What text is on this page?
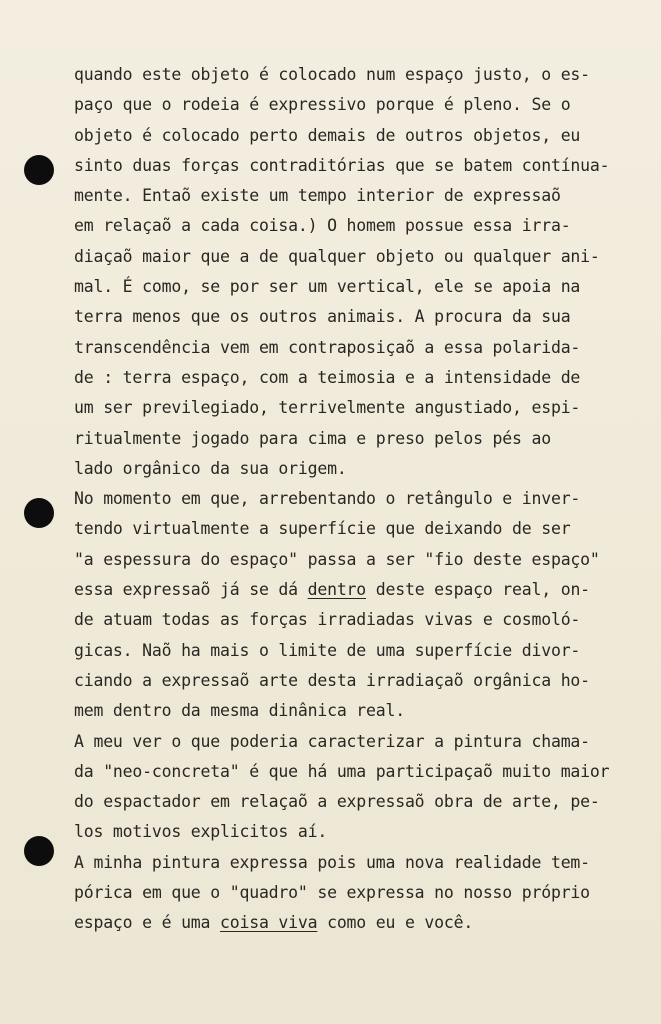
quando este objeto é colocado num espaço justo, o es-
paço que o rodeia é expressivo porque é pleno. Se o
objeto é colocado perto demais de outros objetos, eu
sinto duas forças contraditórias que se batem contínua-
mente. Entaõ existe um tempo interior de expressaõ
em relaçaõ a cada coisa.) O homem possue essa irra-
diaçaõ maior que a de qualquer objeto ou qualquer ani-
mal. É como, se por ser um vertical, ele se apoia na
terra menos que os outros animais. A procura da sua
transcendência vem em contraposiçaõ a essa polarida-
de : terra espaço, com a teimosia e a intensidade de
um ser previlegiado, terrivelmente angustiado, espi-
ritualmente jogado para cima e preso pelos pés ao
lado orgânico da sua origem.
No momento em que, arrebentando o retângulo e inver-
tendo virtualmente a superfície que deixando de ser
"a espessura do espaço" passa a ser "fio deste espaço"
essa expressaõ já se dá dentro deste espaço real, on-
de atuam todas as forças irradiadas vivas e cosmoló-
gicas. Naõ ha mais o limite de uma superfície divor-
ciando a expressaõ arte desta irradiaçaõ orgânica ho-
mem dentro da mesma dinânica real.
A meu ver o que poderia caracterizar a pintura chama-
da "neo-concreta" é que há uma participaçaõ muito maior
do espactador em relaçaõ a expressaõ obra de arte, pe-
los motivos explicitos aí.
A minha pintura expressa pois uma nova realidade tem-
pórica em que o "quadro" se expressa no nosso próprio
espaço e é uma coisa viva como eu e você.
